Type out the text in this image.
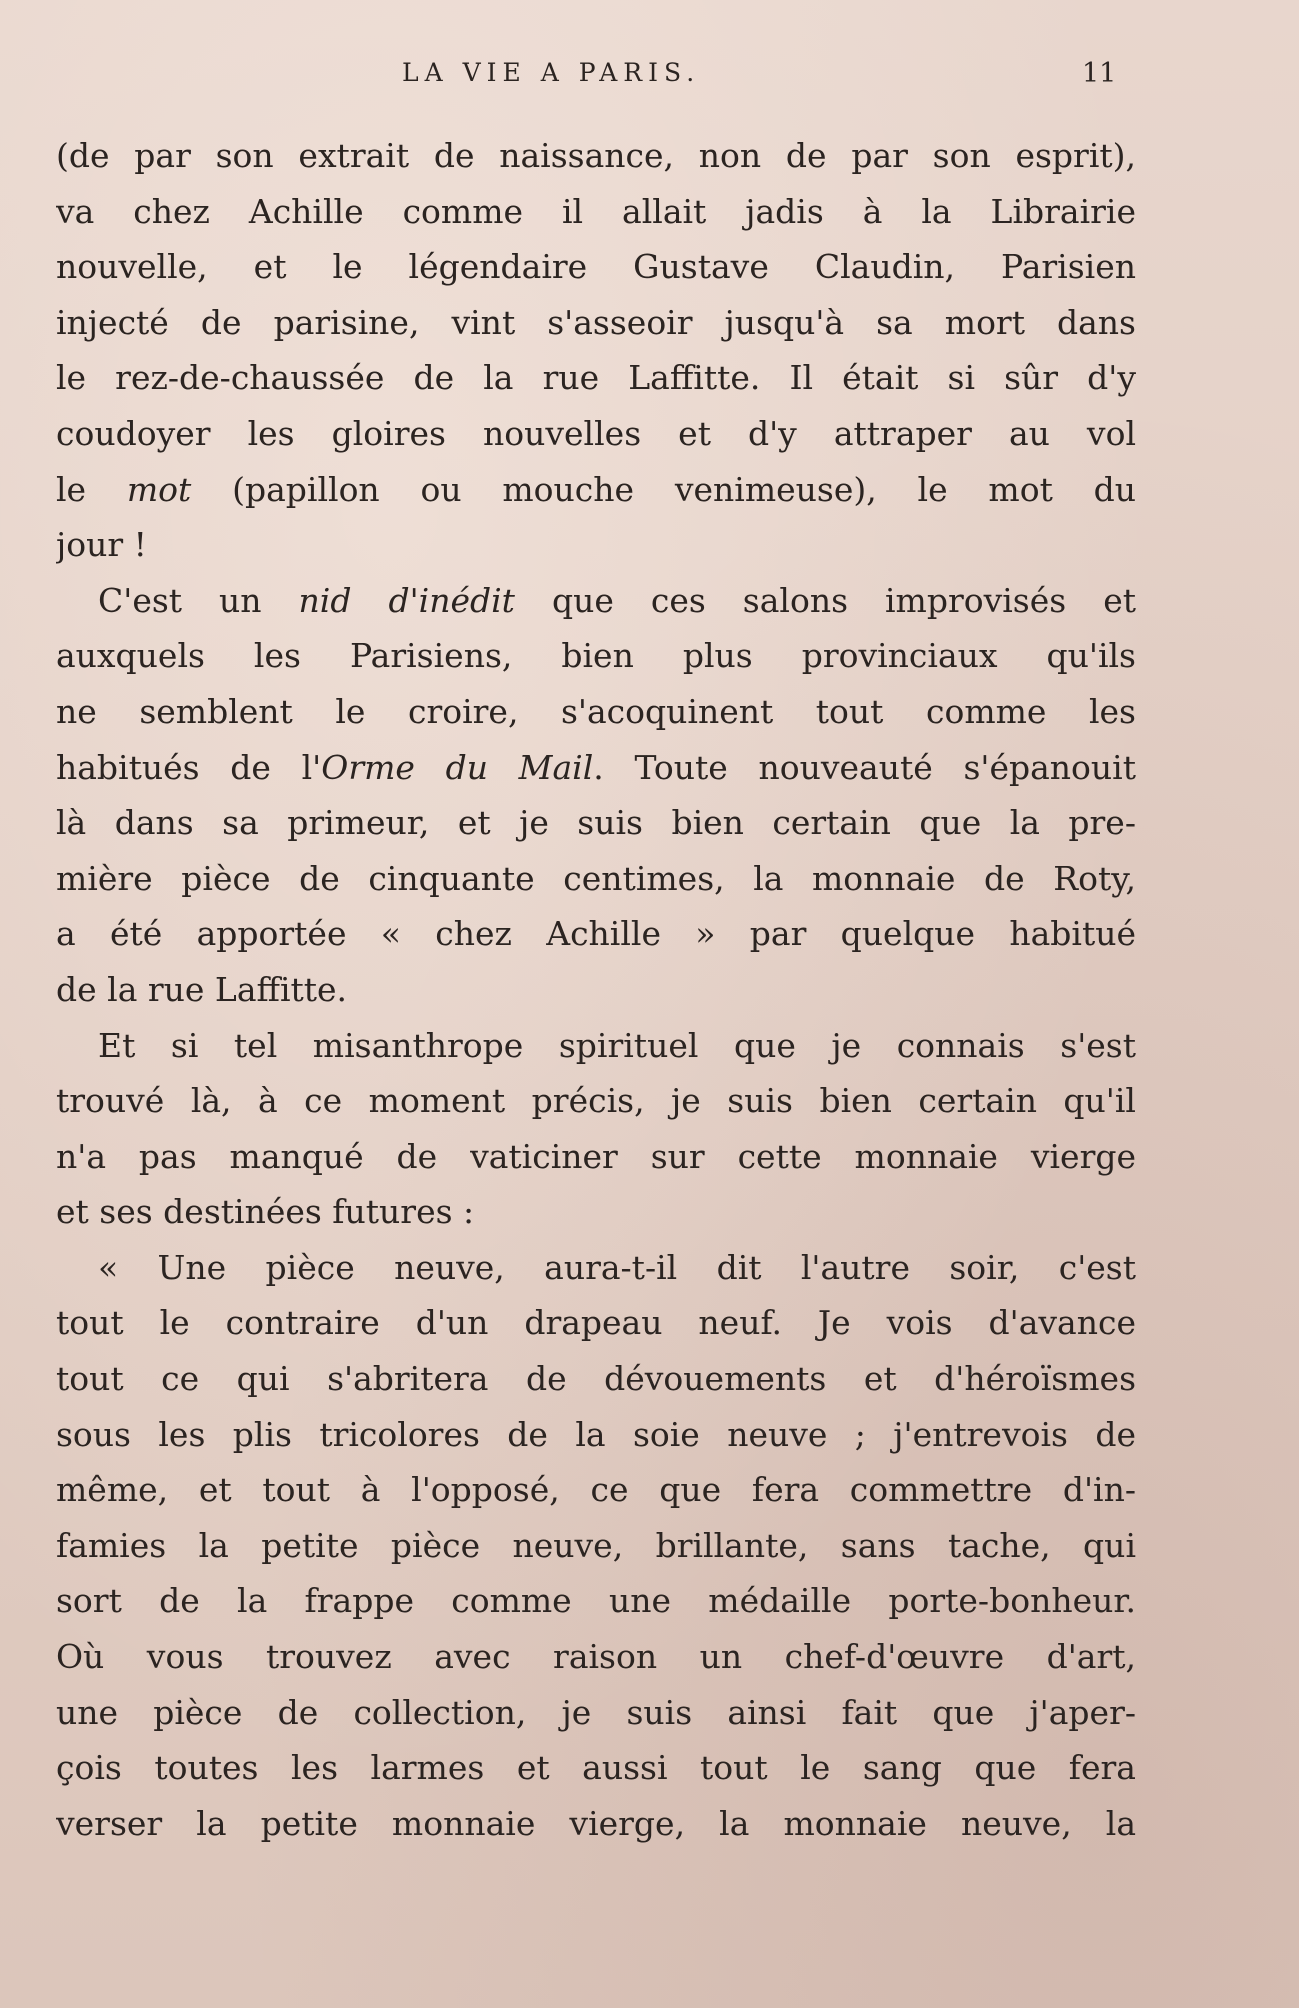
LA VIE A PARIS.	11
(de par son extrait de naissance, non de par son esprit),
va chez Achille comme il allait jadis à la Librairie
nouvelle, et le légendaire Gustave Claudin, Parisien
injecté de parisine, vint s'asseoir jusqu'à sa mort dans
le rez-de-chaussée de la rue Laffitte. Il était si sûr d'y
coudoyer les gloires nouvelles et d'y attraper au vol
le mot (papillon ou mouche venimeuse), le mot du
jour !
C'est un nid d'inédit que ces salons improvisés et
auxquels les Parisiens, bien plus provinciaux qu'ils
ne semblent le croire, s'acoquinent tout comme les
habitués de l'Orme du Mail. Toute nouveauté s'épanouit
là dans sa primeur, et je suis bien certain que la pre-
mière pièce de cinquante centimes, la monnaie de Roty,
a été apportée « chez Achille » par quelque habitué
de la rue Laffitte.
Et si tel misanthrope spirituel que je connais s'est
trouvé là, à ce moment précis, je suis bien certain qu'il
n'a pas manqué de vaticiner sur cette monnaie vierge
et ses destinées futures :
« Une pièce neuve, aura-t-il dit l'autre soir, c'est
tout le contraire d'un drapeau neuf. Je vois d'avance
tout ce qui s'abritera de dévouements et d'héroïsmes
sous les plis tricolores de la soie neuve ; j'entrevois de
même, et tout à l'opposé, ce que fera commettre d'in-
famies la petite pièce neuve, brillante, sans tache, qui
sort de la frappe comme une médaille porte-bonheur.
Où vous trouvez avec raison un chef-d'œuvre d'art,
une pièce de collection, je suis ainsi fait que j'aper-
çois toutes les larmes et aussi tout le sang que fera
verser la petite monnaie vierge, la monnaie neuve, la
